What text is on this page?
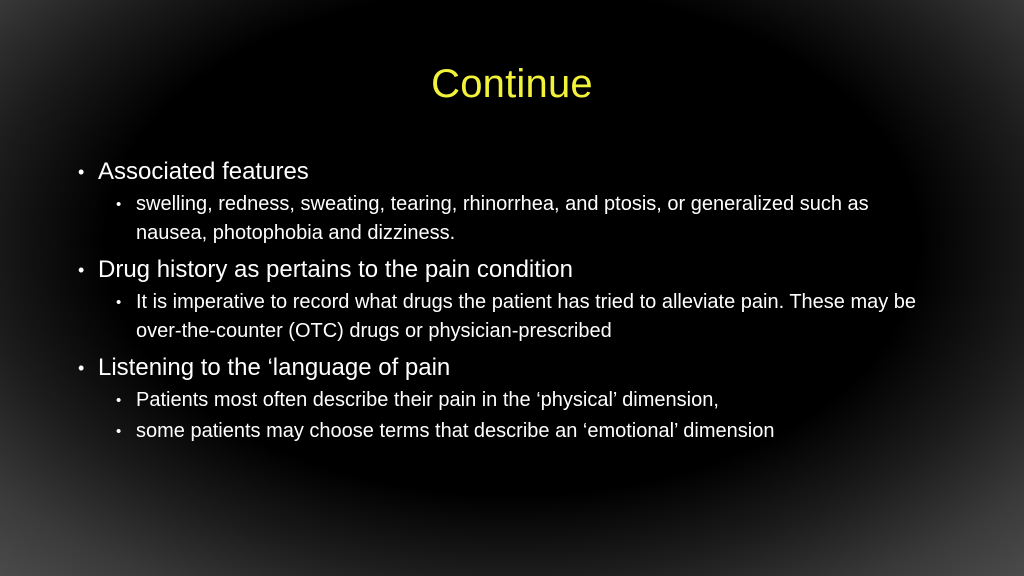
Continue
• Associated features
• swelling, redness, sweating, tearing, rhinorrhea, and ptosis, or generalized such as nausea, photophobia and dizziness.
• Drug history as pertains to the pain condition
• It is imperative to record what drugs the patient has tried to alleviate pain. These may be over-the-counter (OTC) drugs or physician-prescribed
• Listening to the ‘language of pain
• Patients most often describe their pain in the ‘physical’ dimension,
• some patients may choose terms that describe an ‘emotional’ dimension
